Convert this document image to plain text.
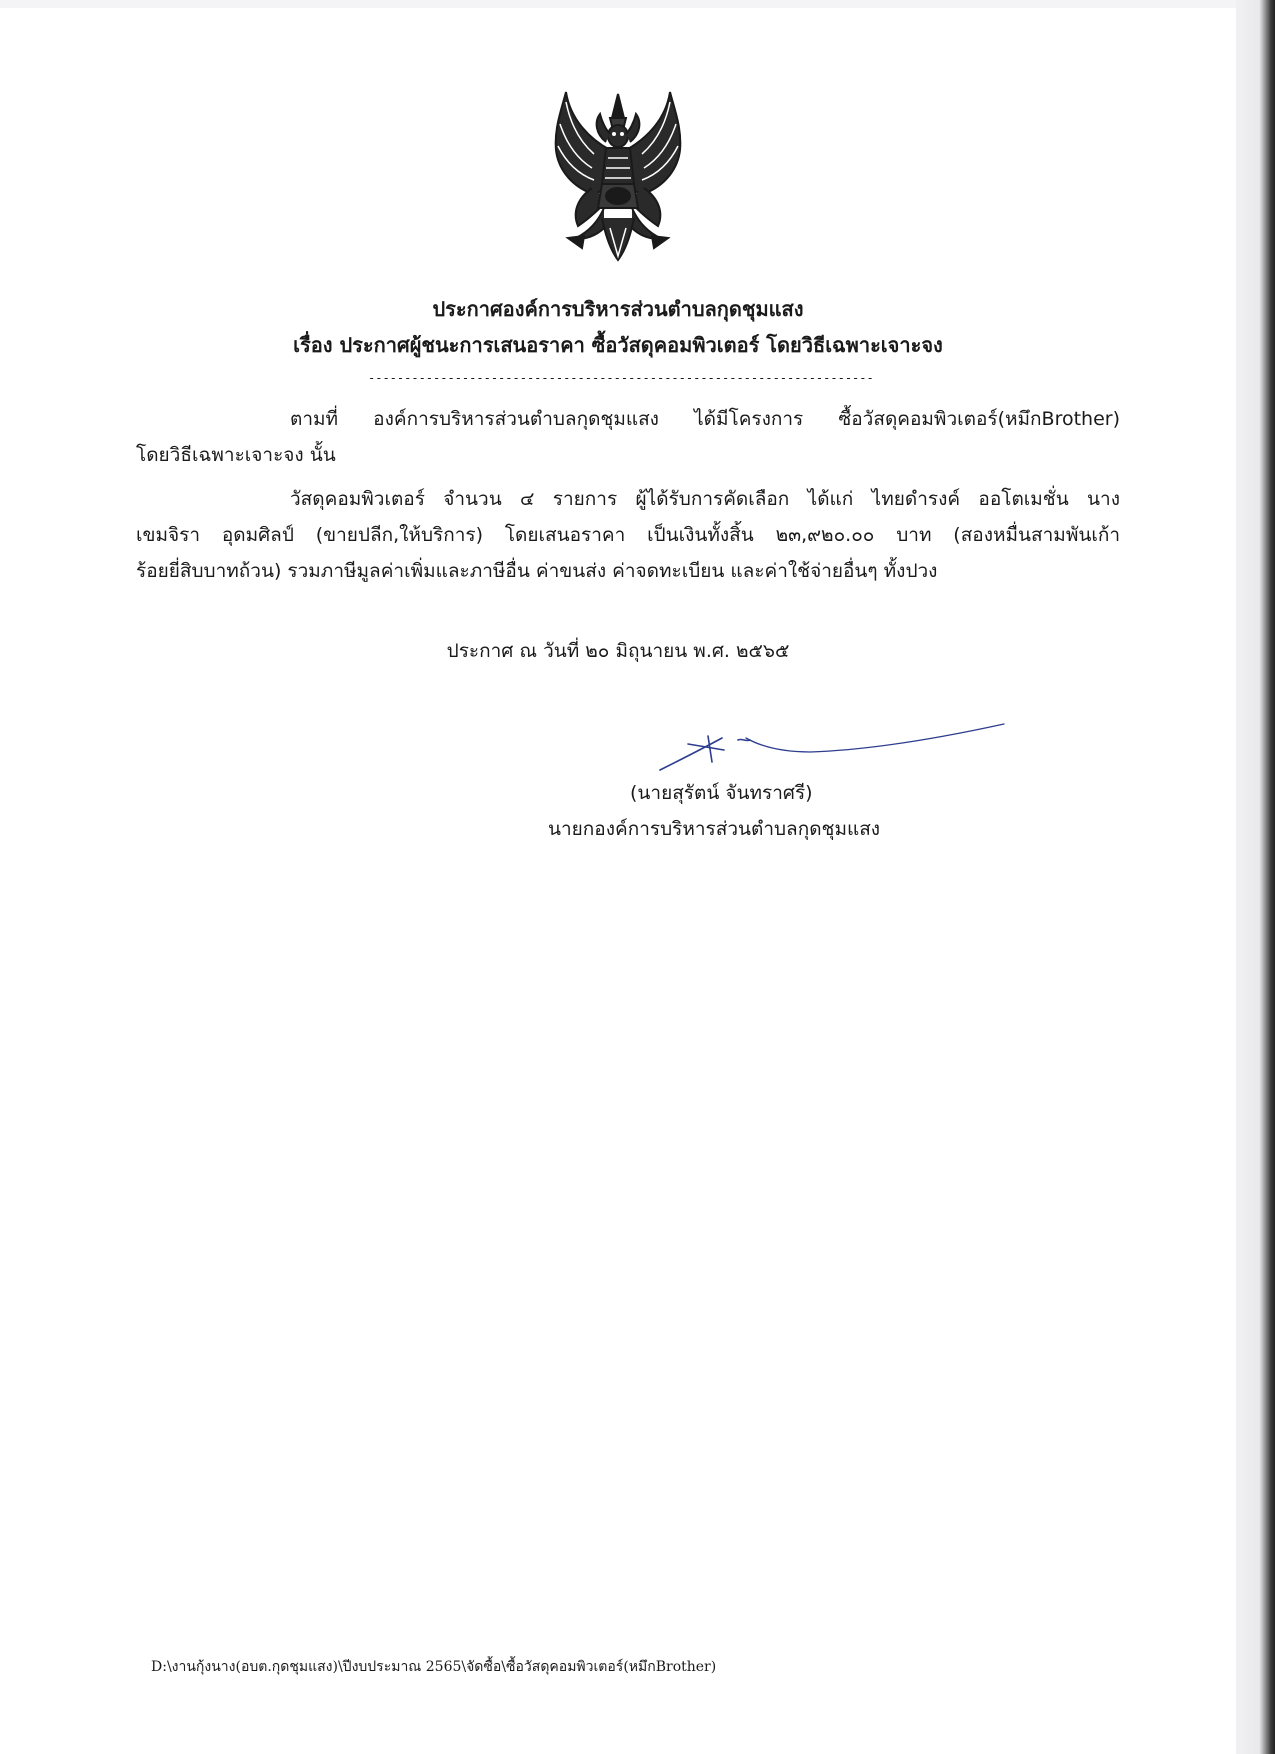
ประกาศองค์การบริหารส่วนตำบลกุดชุมแสง
เรื่อง ประกาศผู้ชนะการเสนอราคา ซื้อวัสดุคอมพิวเตอร์ โดยวิธีเฉพาะเจาะจง
----------------------------------------------------------------------
ตามที่ องค์การบริหารส่วนตำบลกุดชุมแสง ได้มีโครงการ ซื้อวัสดุคอมพิวเตอร์(หมึกBrother)
โดยวิธีเฉพาะเจาะจง นั้น
วัสดุคอมพิวเตอร์ จำนวน ๔ รายการ ผู้ได้รับการคัดเลือก ได้แก่ ไทยดำรงค์ ออโตเมชั่น นาง
เขมจิรา อุดมศิลป์ (ขายปลีก,ให้บริการ) โดยเสนอราคา เป็นเงินทั้งสิ้น ๒๓,๙๒๐.๐๐ บาท (สองหมื่นสามพันเก้า
ร้อยยี่สิบบาทถ้วน) รวมภาษีมูลค่าเพิ่มและภาษีอื่น ค่าขนส่ง ค่าจดทะเบียน และค่าใช้จ่ายอื่นๆ ทั้งปวง
ประกาศ ณ วันที่ ๒๐ มิถุนายน พ.ศ. ๒๕๖๕
(นายสุรัตน์ จันทราศรี)
นายกองค์การบริหารส่วนตำบลกุดชุมแสง
D:\งานกุ้งนาง(อบต.กุดชุมแสง)\ปีงบประมาณ 2565\จัดซื้อ\ซื้อวัสดุคอมพิวเตอร์(หมึกBrother)
